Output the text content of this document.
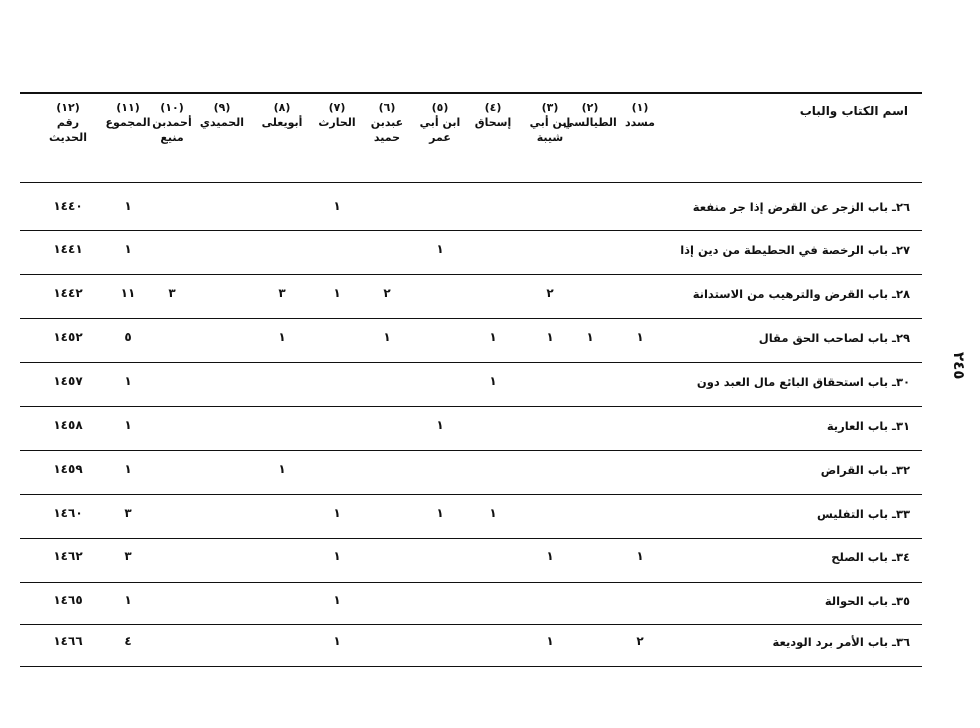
اسم الكتاب والباب
(١)
مسدد
(٢)
الطيالسي
(٣)
ابن أبي شيبة
(٤)
إسحاق
(٥)
ابن أبي عمر
(٦)
عبدبن حميد
(٧)
الحارث
(٨)
أبويعلى
(٩)
الحميدي
(١٠)
أحمدبن منيع
(١١)
المجموع
(١٢)
رقم الحديث
٢٦ـ باب الزجر عن القرض إذا جر منفعة
١
١
١٤٤٠
٢٧ـ باب الرخصة في الحطيطة من دين إذا
١
١
١٤٤١
٢٨ـ باب القرض والترهيب من الاستدانة
٢
٢
١
٣
٣
١١
١٤٤٢
٢٩ـ باب لصاحب الحق مقال
١
١
١
١
١
١
٥
١٤٥٢
٣٠ـ باب استحقاق البائع مال العبد دون
١
١
١٤٥٧
٣١ـ باب العارية
١
١
١٤٥٨
٣٢ـ باب القراض
١
١
١٤٥٩
٣٣ـ باب التفليس
١
١
١
٣
١٤٦٠
٣٤ـ باب الصلح
١
١
١
٣
١٤٦٢
٣٥ـ باب الحوالة
١
١
١٤٦٥
٣٦ـ باب الأمر برد الوديعة
٢
١
١
٤
١٤٦٦
٢٤٥
